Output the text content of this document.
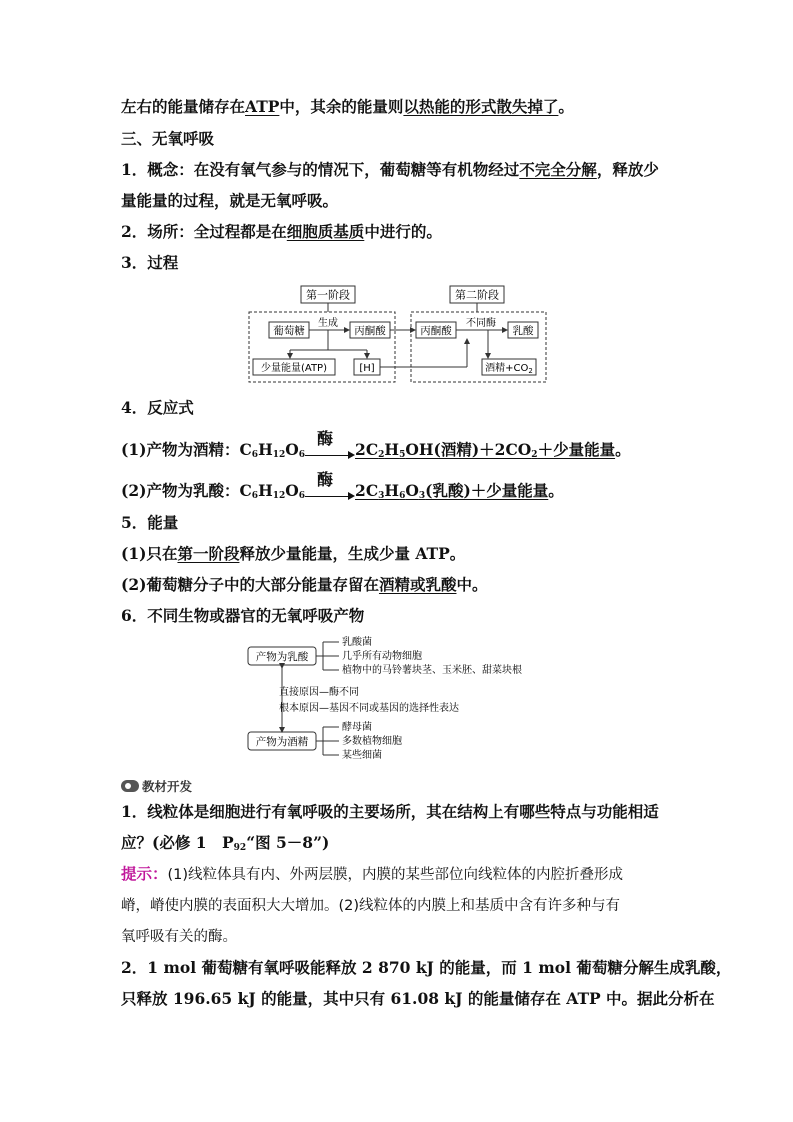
左右的能量储存在ATP中，其余的能量则以热能的形式散失掉了。
三、无氧呼吸
1．概念：在没有氧气参与的情况下，葡萄糖等有机物经过不完全分解，释放少
量能量的过程，就是无氧呼吸。
2．场所：全过程都是在细胞质基质中进行的。
3．过程
第一阶段	第二阶段
葡萄糖
生成
丙酮酸	丙酮酸
不同酶
乳酸
少量能量(ATP)	[H]	酒精$+CO_2$
4．反应式
(1)产物为酒精：$C_6H_{12}O_6$
酶
$2C_2H_5OH$(酒精)$+2CO_2+$少量能量。
(2)产物为乳酸：$C_6H_{12}O_6$
酶
$2C_3H_6O_3$(乳酸)＋少量能量。
5．能量
(1)只在第一阶段释放少量能量，生成少量 ATP。
(2)葡萄糖分子中的大部分能量存留在酒精或乳酸中。
6．不同生物或器官的无氧呼吸产物
产物为乳酸
乳酸菌
几乎所有动物细胞
植物中的马铃薯块茎、玉米胚、甜菜块根
直接原因—酶不同
根本原因—基因不同或基因的选择性表达
产物为酒精
酵母菌
多数植物细胞
某些细菌
教材开发
1．线粒体是细胞进行有氧呼吸的主要场所，其在结构上有哪些特点与功能相适
应？(必修 1　$P_{92}“$图 5－8”)
提示：(1)线粒体具有内、外两层膜，内膜的某些部位向线粒体的内腔折叠形成
嵴，嵴使内膜的表面积大大增加。(2)线粒体的内膜上和基质中含有许多种与有
氧呼吸有关的酶。
2．1 mol 葡萄糖有氧呼吸能释放 2 870 kJ 的能量，而 1 mol 葡萄糖分解生成乳酸，
只释放 196.65 kJ 的能量，其中只有 61.08 kJ 的能量储存在 ATP 中。据此分析在
